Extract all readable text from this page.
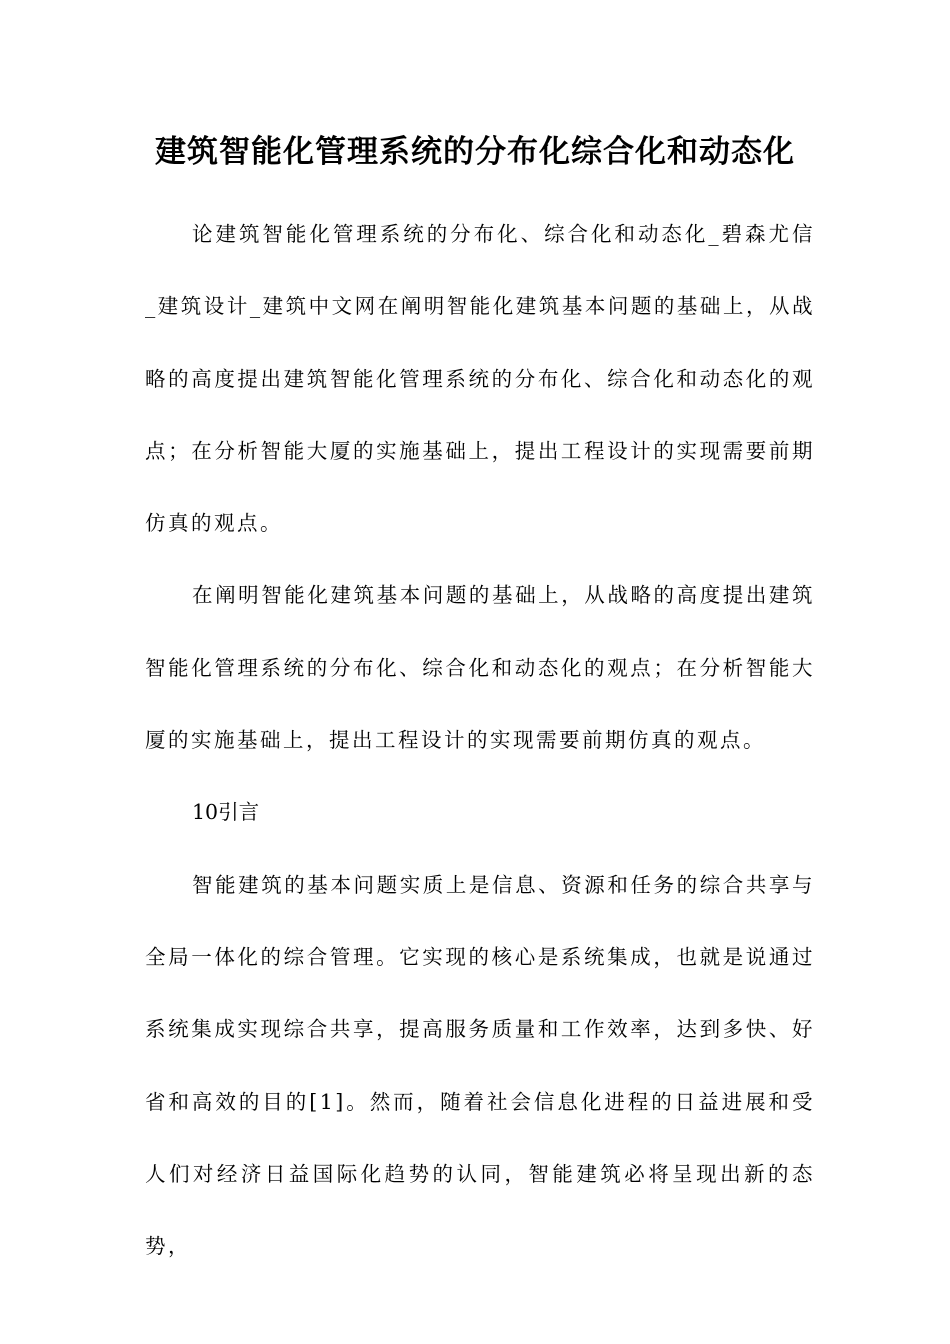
建筑智能化管理系统的分布化综合化和动态化

论建筑智能化管理系统的分布化、综合化和动态化_碧森尤信_建筑设计_建筑中文网在阐明智能化建筑基本问题的基础上，从战略的高度提出建筑智能化管理系统的分布化、综合化和动态化的观点；在分析智能大厦的实施基础上，提出工程设计的实现需要前期仿真的观点。

在阐明智能化建筑基本问题的基础上，从战略的高度提出建筑智能化管理系统的分布化、综合化和动态化的观点；在分析智能大厦的实施基础上，提出工程设计的实现需要前期仿真的观点。

10引言

智能建筑的基本问题实质上是信息、资源和任务的综合共享与全局一体化的综合管理。它实现的核心是系统集成，也就是说通过系统集成实现综合共享，提高服务质量和工作效率，达到多快、好省和高效的目的[1]。然而，随着社会信息化进程的日益进展和受人们对经济日益国际化趋势的认同，智能建筑必将呈现出新的态势，
